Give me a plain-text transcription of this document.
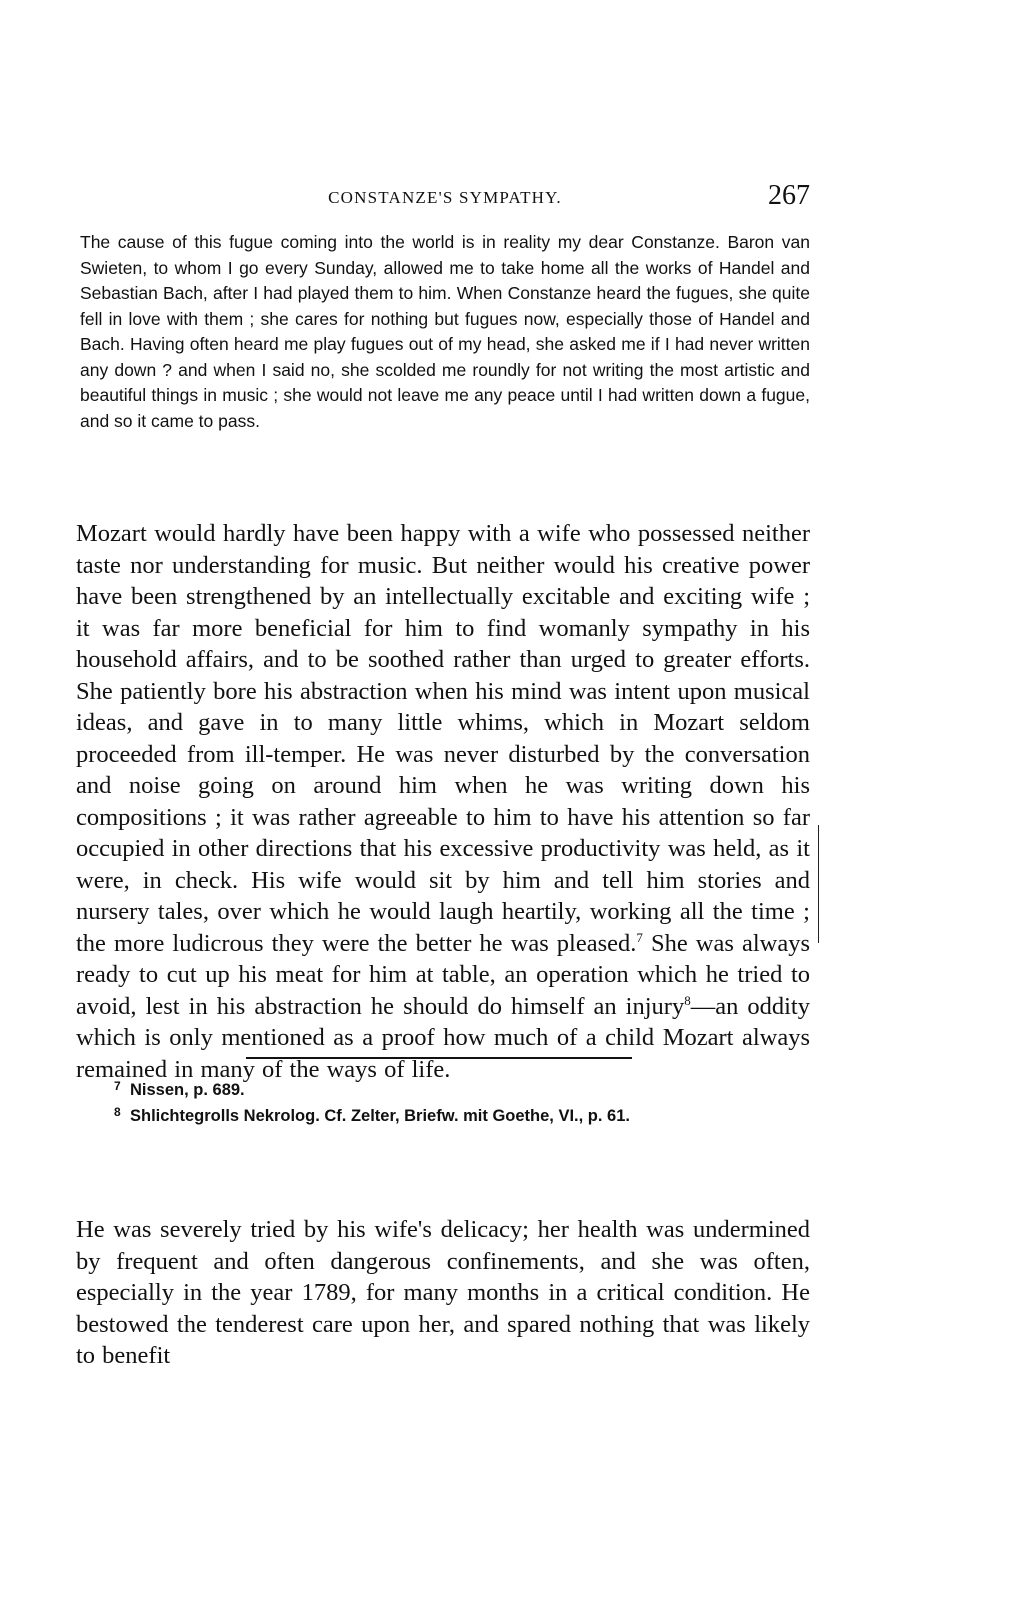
CONSTANZE'S SYMPATHY.	267

The cause of this fugue coming into the world is in reality my dear Constanze. Baron van Swieten, to whom I go every Sunday, allowed me to take home all the works of Handel and Sebastian Bach, after I had played them to him. When Constanze heard the fugues, she quite fell in love with them ; she cares for nothing but fugues now, especially those of Handel and Bach. Having often heard me play fugues out of my head, she asked me if I had never written any down ? and when I said no, she scolded me roundly for not writing the most artistic and beautiful things in music ; she would not leave me any peace until I had written down a fugue, and so it came to pass.

Mozart would hardly have been happy with a wife who possessed neither taste nor understanding for music. But neither would his creative power have been strengthened by an intellectually excitable and exciting wife ; it was far more beneficial for him to find womanly sympathy in his household affairs, and to be soothed rather than urged to greater efforts. She patiently bore his abstraction when his mind was intent upon musical ideas, and gave in to many little whims, which in Mozart seldom proceeded from ill-temper. He was never disturbed by the conversation and noise going on around him when he was writing down his compositions ; it was rather agreeable to him to have his attention so far occupied in other directions that his excessive productivity was held, as it were, in check. His wife would sit by him and tell him stories and nursery tales, over which he would laugh heartily, working all the time ; the more ludicrous they were the better he was pleased.$^7$ She was always ready to cut up his meat for him at table, an operation which he tried to avoid, lest in his abstraction he should do himself an injury$^8$—an oddity which is only mentioned as a proof how much of a child Mozart always remained in many of the ways of life.

He was severely tried by his wife's delicacy; her health was undermined by frequent and often dangerous confinements, and she was often, especially in the year 1789, for many months in a critical condition. He bestowed the tenderest care upon her, and spared nothing that was likely to benefit

7 Nissen, p. 689.
8 Shlichtegrolls Nekrolog. Cf. Zelter, Briefw. mit Goethe, VI., p. 61.
